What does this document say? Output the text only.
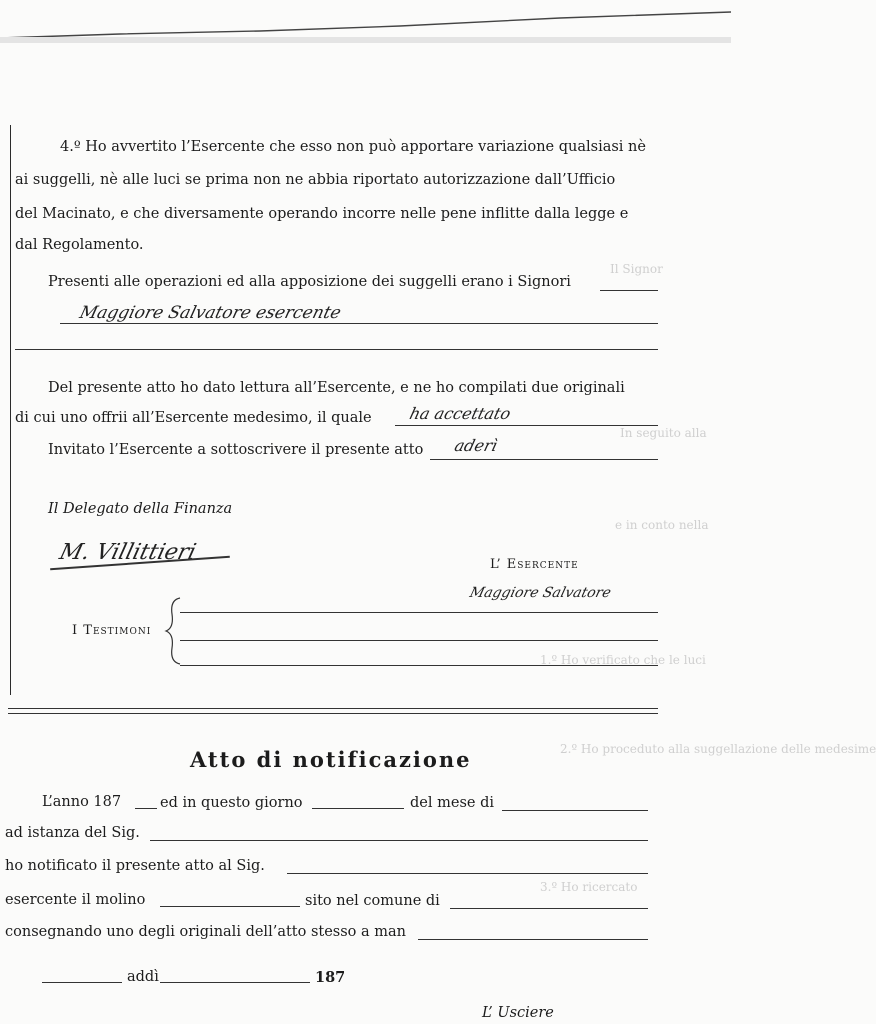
Il Signor
In seguito alla
e in conto nella
1.º Ho verificato che le luci
2.º Ho proceduto alla suggellazione delle medesime
3.º Ho ricercato
4.º Ho avvertito l’Esercente che esso non può apportare variazione qualsiasi nè
ai suggelli, nè alle luci se prima non ne abbia riportato autorizzazione dall’Ufficio
del Macinato, e che diversamente operando incorre nelle pene inflitte dalla legge e
dal Regolamento.
Presenti alle operazioni ed alla apposizione dei suggelli erano i Signori
Maggiore Salvatore esercente
Del presente atto ho dato lettura all’Esercente, e ne ho compilati due originali
di cui uno offrii all’Esercente medesimo, il quale ha accettato
Invitato l’Esercente a sottoscrivere il presente atto aderì
Il Delegato della Finanza
M. Villittieri	L’ Esercente
Maggiore Salvatore
I Testimoni
Atto di notificazione
L’anno 187	ed in questo giorno	del mese di
ad istanza del Sig.
ho notificato il presente atto al Sig.
esercente il molino	sito nel comune di
consegnando uno degli originali dell’atto stesso a man
addì	187
L’ Usciere
